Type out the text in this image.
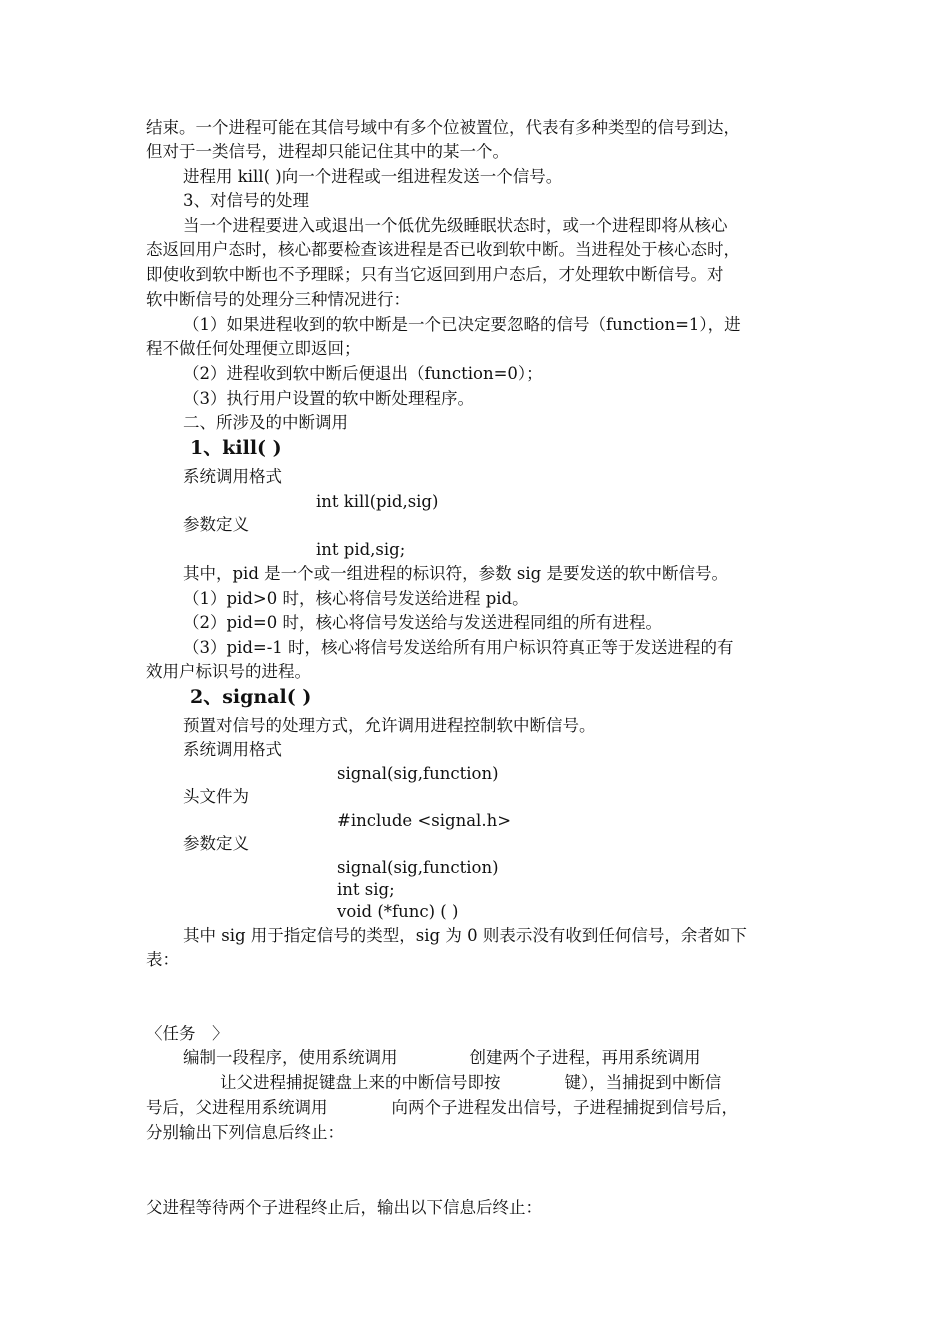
结束。一个进程可能在其信号域中有多个位被置位，代表有多种类型的信号到达，

但对于一类信号，进程却只能记住其中的某一个。

进程用 kill( )向一个进程或一组进程发送一个信号。

3、对信号的处理

当一个进程要进入或退出一个低优先级睡眠状态时，或一个进程即将从核心

态返回用户态时，核心都要检查该进程是否已收到软中断。当进程处于核心态时，

即使收到软中断也不予理睬；只有当它返回到用户态后，才处理软中断信号。对

软中断信号的处理分三种情况进行：

（1）如果进程收到的软中断是一个已决定要忽略的信号（function=1），进

程不做任何处理便立即返回；

（2）进程收到软中断后便退出（function=0）；

（3）执行用户设置的软中断处理程序。

二、所涉及的中断调用

1、kill( )

系统调用格式

int kill(pid,sig)

参数定义

int pid,sig;

其中，pid 是一个或一组进程的标识符，参数 sig 是要发送的软中断信号。

（1）pid>0 时，核心将信号发送给进程 pid。

（2）pid=0 时，核心将信号发送给与发送进程同组的所有进程。

（3）pid=-1 时，核心将信号发送给所有用户标识符真正等于发送进程的有

效用户标识号的进程。

2、signal( )

预置对信号的处理方式，允许调用进程控制软中断信号。

系统调用格式

signal(sig,function)

头文件为

#include <signal.h>

参数定义

signal(sig,function)

int sig;

void (*func) ( )

其中 sig 用于指定信号的类型，sig 为 0 则表示没有收到任何信号，余者如下

表：

〈任务　〉

编制一段程序，使用系统调用	创建两个子进程，再用系统调用

让父进程捕捉键盘上来的中断信号即按	键），当捕捉到中断信

号后，父进程用系统调用	向两个子进程发出信号，子进程捕捉到信号后，

分别输出下列信息后终止：

父进程等待两个子进程终止后，输出以下信息后终止：
